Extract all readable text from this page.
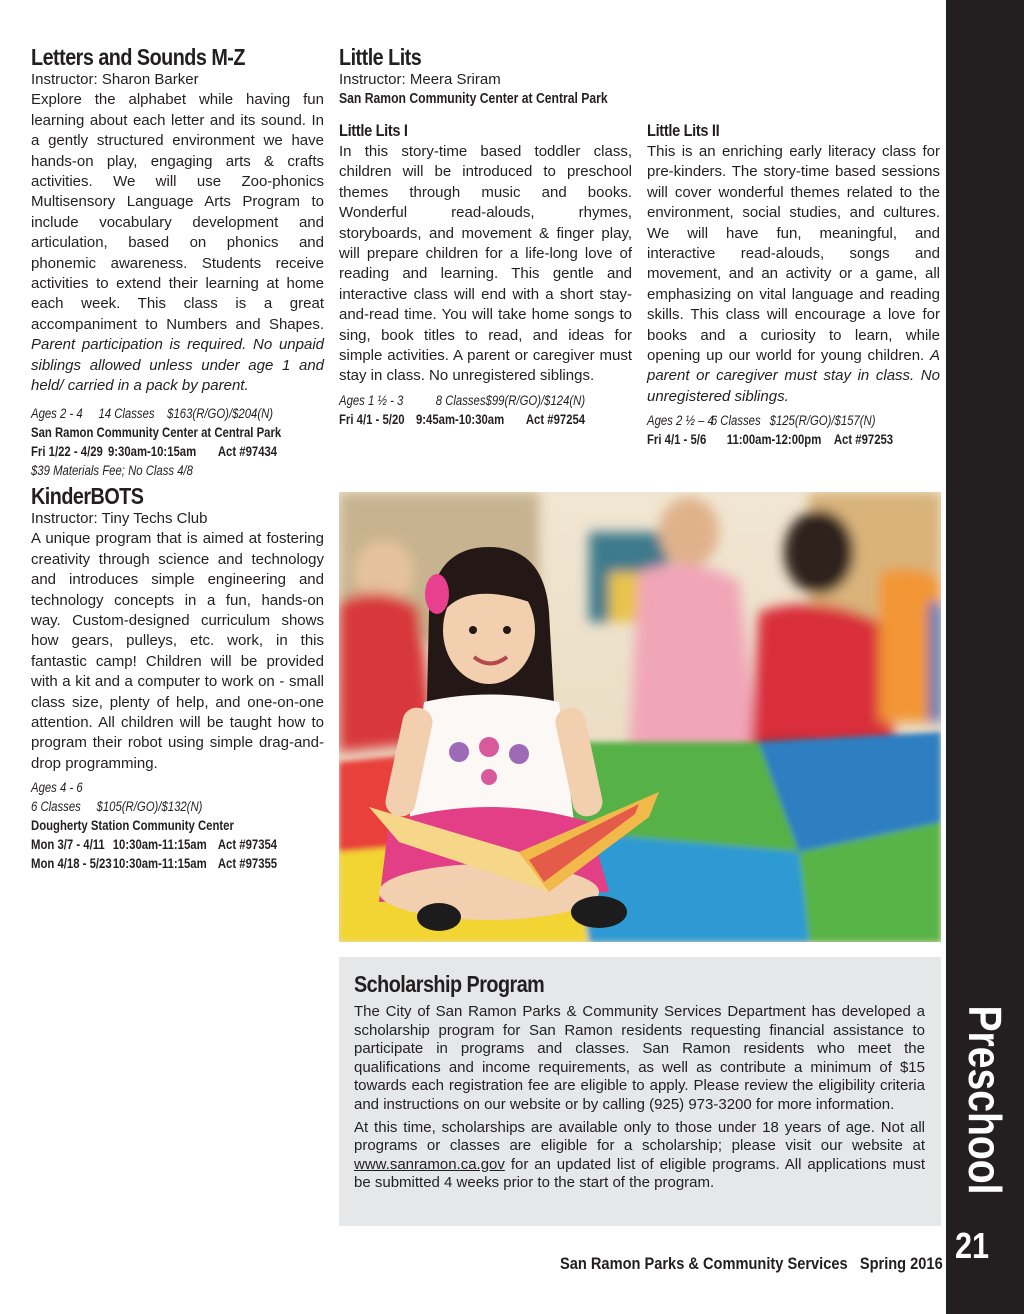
Letters and Sounds M-Z
Instructor: Sharon Barker

Explore the alphabet while having fun learning about each letter and its sound. In a gently structured environment we have hands-on play, engaging arts & crafts activities. We will use Zoo-phonics Multisensory Language Arts Program to include vocabulary development and articulation, based on phonics and phonemic awareness. Students receive activities to extend their learning at home each week. This class is a great accompaniment to Numbers and Shapes. Parent participation is required. No unpaid siblings allowed unless under age 1 and held/ carried in a pack by parent.

Ages 2 - 4 14 Classes $163(R/GO)/$204(N)
San Ramon Community Center at Central Park
Fri 1/22 - 4/29 9:30am-10:15am	Act #97434
$39 Materials Fee; No Class 4/8
KinderBOTS
Instructor: Tiny Techs Club

A unique program that is aimed at fostering creativity through science and technology and introduces simple engineering and technology concepts in a fun, hands-on way. Custom-designed curriculum shows how gears, pulleys, etc. work, in this fantastic camp! Children will be provided with a kit and a computer to work on - small class size, plenty of help, and one-on-one attention. All children will be taught how to program their robot using simple drag-and-drop programming.

Ages 4 - 6
6 Classes     $105(R/GO)/$132(N)
Dougherty Station Community Center
Mon 3/7 - 4/11 10:30am-11:15am Act #97354
Mon 4/18 - 5/23 10:30am-11:15am Act #97355
Little Lits
Instructor: Meera Sriram
San Ramon Community Center at Central Park
Little Lits I

In this story-time based toddler class, children will be introduced to preschool themes through music and books. Wonderful read-alouds, rhymes, storyboards, and movement & finger play, will prepare children for a life-long love of reading and learning. This gentle and interactive class will end with a short stay-and-read time. You will take home songs to sing, book titles to read, and ideas for simple activities. A parent or caregiver must stay in class. No unregistered siblings.

Ages 1 ½ - 3	8 Classes $99(R/GO)/$124(N)
Fri 4/1 - 5/20 9:45am-10:30am	Act #97254
Little Lits II

This is an enriching early literacy class for pre-kinders. The story-time based sessions will cover wonderful themes related to the environment, social studies, and cultures. We will have fun, meaningful, and interactive read-alouds, songs and movement, and an activity or a game, all emphasizing on vital language and reading skills. This class will encourage a love for books and a curiosity to learn, while opening up our world for young children. A parent or caregiver must stay in class. No unregistered siblings.

Ages 2 ½ – 4
6 Classes $125(R/GO)/$157(N)
Fri 4/1 - 5/6	11:00am-12:00pm Act #97253
Scholarship Program

The City of San Ramon Parks & Community Services Department has developed a scholarship program for San Ramon residents requesting financial assistance to participate in programs and classes. San Ramon residents who meet the qualifications and income requirements, as well as contribute a minimum of $15 towards each registration fee are eligible to apply. Please review the eligibility criteria and instructions on our website or by calling (925) 973-3200 for more information.

At this time, scholarships are available only to those under 18 years of age. Not all programs or classes are eligible for a scholarship; please visit our website at www.sanramon.ca.gov for an updated list of eligible programs. All applications must be submitted 4 weeks prior to the start of the program.

San Ramon Parks & Community Services   Spring 2016
Preschool
21
